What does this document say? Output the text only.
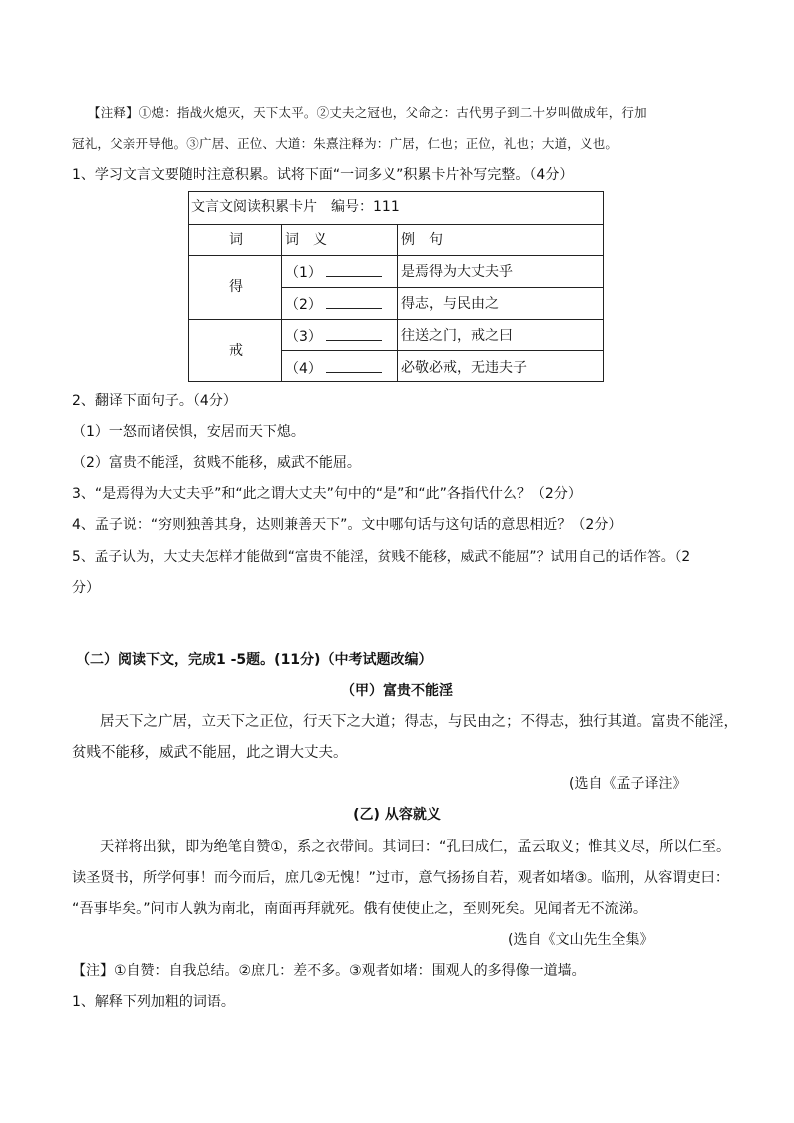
【注释】①熄：指战火熄灭，天下太平。②丈夫之冠也，父命之：古代男子到二十岁叫做成年，行加
冠礼，父亲开导他。③广居、正位、大道：朱熹注释为：广居，仁也；正位，礼也；大道，义也。
1、学习文言文要随时注意积累。试将下面“一词多义”积累卡片补写完整。（4分）
文言文阅读积累卡片　编号：111
词	词　义	例　句
得
戒
（1）
（2）
（3）
（4）
是焉得为大丈夫乎
得志，与民由之
往送之门，戒之曰
必敬必戒，无违夫子
2、翻译下面句子。（4分）
（1）一怒而诸侯惧，安居而天下熄。
（2）富贵不能淫，贫贱不能移，威武不能屈。
3、“是焉得为大丈夫乎”和“此之谓大丈夫”句中的“是”和“此”各指代什么？（2分）
4、孟子说：“穷则独善其身，达则兼善天下”。文中哪句话与这句话的意思相近？（2分）
5、孟子认为，大丈夫怎样才能做到“富贵不能淫，贫贱不能移，威武不能屈”？试用自己的话作答。（2
分）
（二）阅读下文，完成1 -5题。(11分)（中考试题改编）
（甲）富贵不能淫
居天下之广居，立天下之正位，行天下之大道；得志，与民由之；不得志，独行其道。富贵不能淫，
贫贱不能移，威武不能屈，此之谓大丈夫。
(选自《孟子译注》
(乙) 从容就义
天祥将出狱，即为绝笔自赞①，系之衣带间。其词曰：“孔曰成仁，孟云取义；惟其义尽，所以仁至。
读圣贤书，所学何事！而今而后，庶几②无愧！”过市，意气扬扬自若，观者如堵③。临刑，从容谓吏曰：
“吾事毕矣。”问市人孰为南北，南面再拜就死。俄有使使止之，至则死矣。见闻者无不流涕。
(选自《文山先生全集》
【注】①自赞：自我总结。②庶几：差不多。③观者如堵：围观人的多得像一道墙。
1、解释下列加粗的词语。
